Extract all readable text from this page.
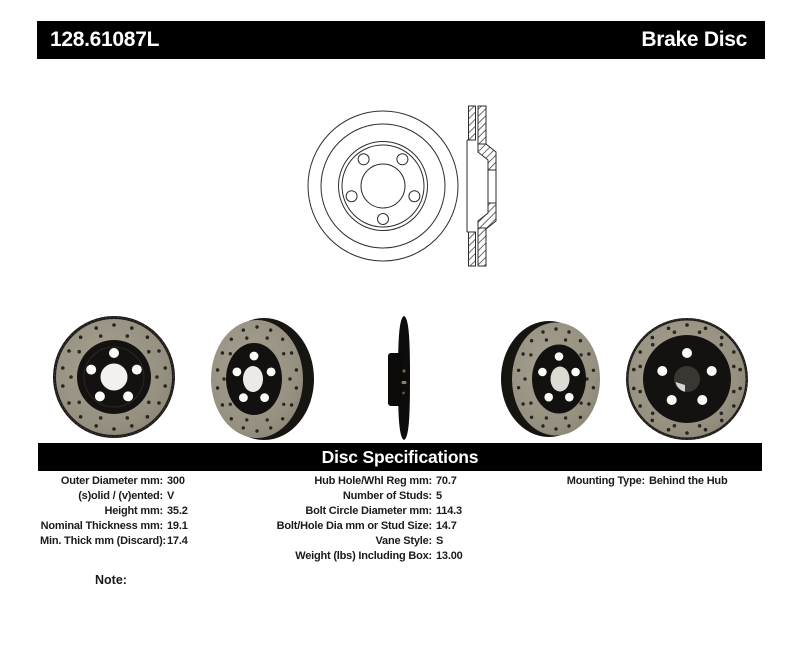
128.61087L	Brake Disc
Disc Specifications
Outer Diameter mm: 300
(s)olid / (v)ented: V
Height mm: 35.2
Nominal Thickness mm: 19.1
Min. Thick mm (Discard): 17.4
Hub Hole/Whl Reg mm: 70.7
Number of Studs: 5
Bolt Circle Diameter mm: 114.3
Bolt/Hole Dia mm or Stud Size: 14.7
Vane Style: S
Weight (lbs) Including Box: 13.00
Mounting Type: Behind the Hub
Note:
